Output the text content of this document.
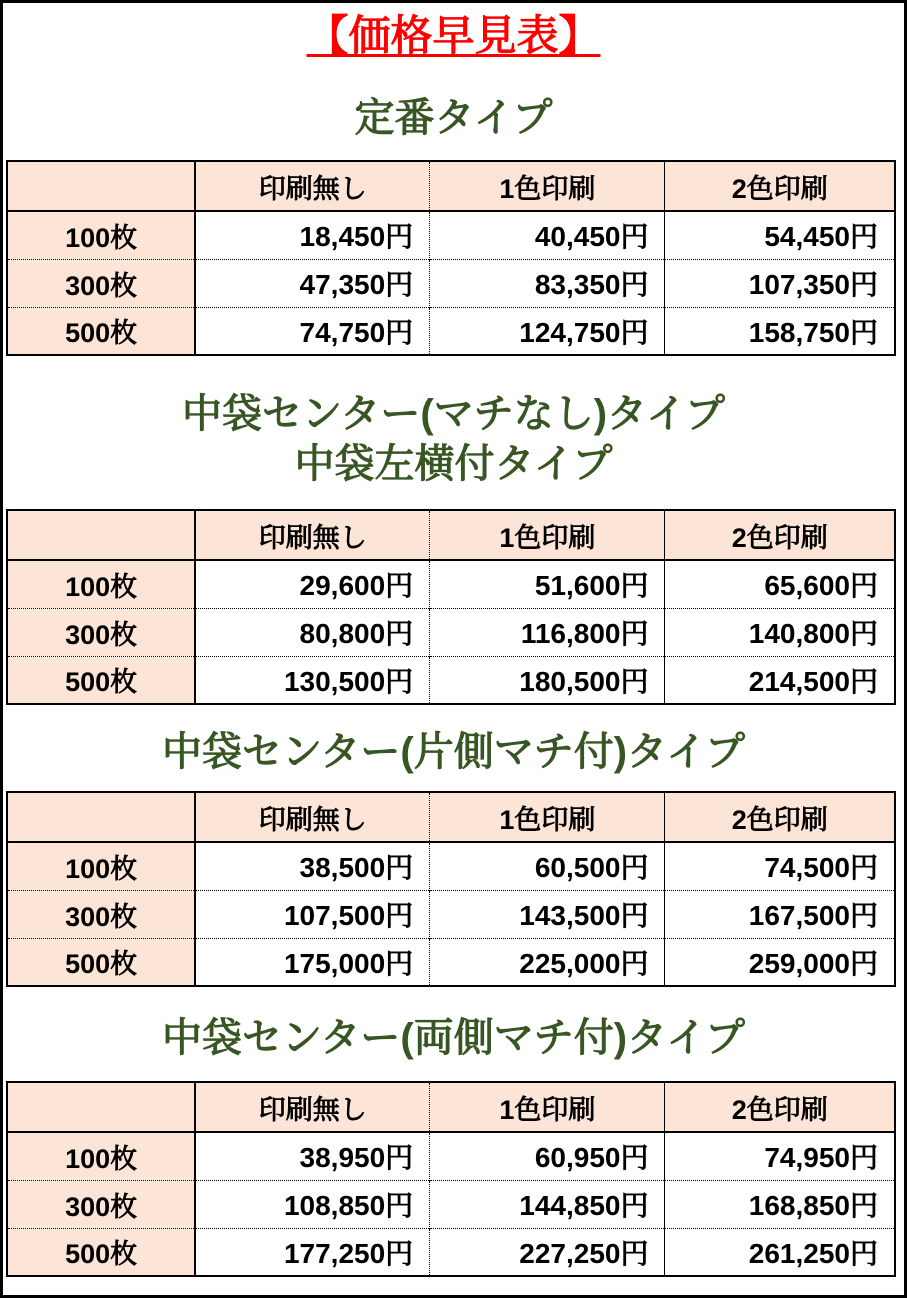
【価格早見表】
定番タイプ
	印刷無し	1色印刷	2色印刷
100枚	18,450円	40,450円	54,450円
300枚	47,350円	83,350円	107,350円
500枚	74,750円	124,750円	158,750円
中袋センター(マチなし)タイプ
中袋左横付タイプ
	印刷無し	1色印刷	2色印刷
100枚	29,600円	51,600円	65,600円
300枚	80,800円	116,800円	140,800円
500枚	130,500円	180,500円	214,500円
中袋センター(片側マチ付)タイプ
	印刷無し	1色印刷	2色印刷
100枚	38,500円	60,500円	74,500円
300枚	107,500円	143,500円	167,500円
500枚	175,000円	225,000円	259,000円
中袋センター(両側マチ付)タイプ
	印刷無し	1色印刷	2色印刷
100枚	38,950円	60,950円	74,950円
300枚	108,850円	144,850円	168,850円
500枚	177,250円	227,250円	261,250円
